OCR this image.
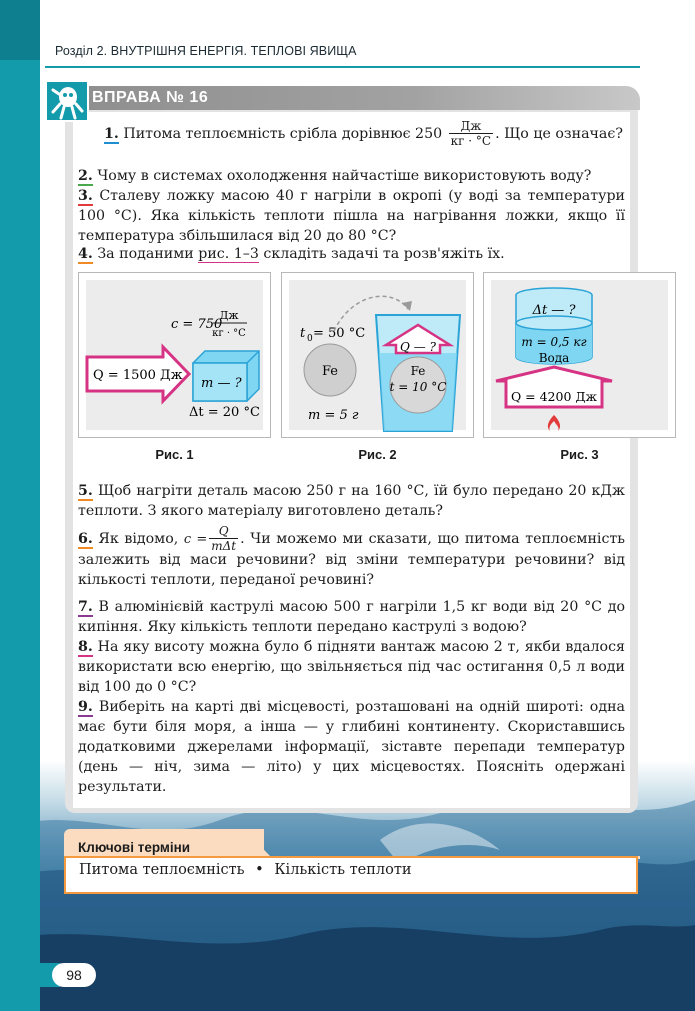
Розділ 2. ВНУТРІШНЯ ЕНЕРГІЯ. ТЕПЛОВІ ЯВИЩА
ВПРАВА № 16
1. Питома теплоємність срібла дорівнює $250 \frac{Дж}{кг \cdot ^\circ С}$ . Що це означає?
2. Чому в системах охолодження найчастіше використовують воду?
3. Сталеву ложку масою 40 г нагріли в окропі (у воді за температури 100 °С). Яка кількість теплоти пішла на нагрівання ложки, якщо її температура збільшилася від 20 до 80 °С?
4. За поданими рис. 1–3 складіть задачі та розв'яжіть їх.
c = 750
Дж
кг · °С
Q = 1500 Дж
m — ?
Δt = 20 °С
Рис. 1
t 0 = 50 °С
Fe
m = 5 г
Q — ?
Fe
t = 10 °С
Рис. 2
Δt — ?
m = 0,5 кг
Вода
Q = 4200 Дж
Рис. 3
5. Щоб нагріти деталь масою 250 г на 160 °С, їй було передано 20 кДж теплоти. З якого матеріалу виготовлено деталь?
6. Як відомо, $c = \frac{Q}{\text{mΔt}}$ . Чи можемо ми сказати, що питома теплоємність залежить від маси речовини? від зміни температури речовини? від кількості теплоти, переданої речовині?
7. В алюмінієвій каструлі масою 500 г нагріли 1,5 кг води від 20 °С до кипіння. Яку кількість теплоти передано каструлі з водою?
8. На яку висоту можна було б підняти вантаж масою 2 т, якби вдалося використати всю енергію, що звільняється під час остигання 0,5 л води від 100 до 0 °С?
9. Виберіть на карті дві місцевості, розташовані на одній широті: одна має бути біля моря, а інша — у глибині континенту. Скориставшись додатковими джерелами інформації, зіставте перепади температур (день — ніч, зима — літо) у цих місцевостях. Поясніть одержані результати.
Ключові терміни
Питома теплоємність • Кількість теплоти
98
